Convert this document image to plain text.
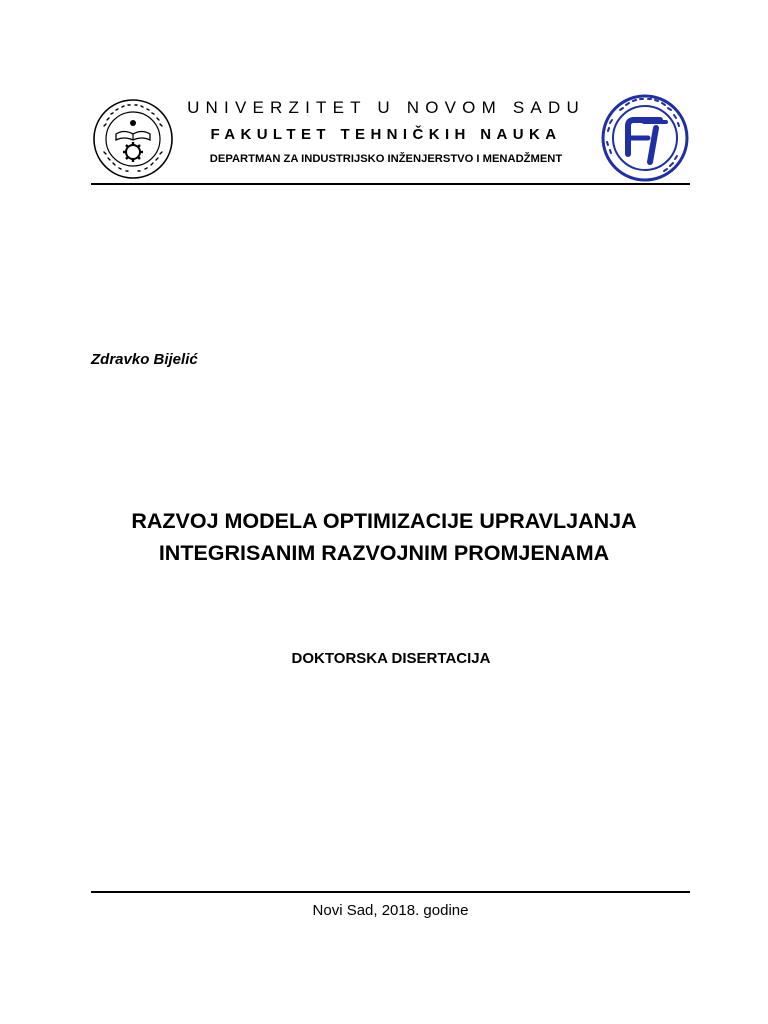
UNIVERZITET U NOVOM SADU
FAKULTET TEHNIČKIH NAUKA
DEPARTMAN ZA INDUSTRIJSKO INŽENJERSTVO I MENADŽMENT
Zdravko Bijelić
RAZVOJ MODELA OPTIMIZACIJE UPRAVLJANJA
INTEGRISANIM RAZVOJNIM PROMJENAMA
DOKTORSKA DISERTACIJA
Novi Sad, 2018. godine
